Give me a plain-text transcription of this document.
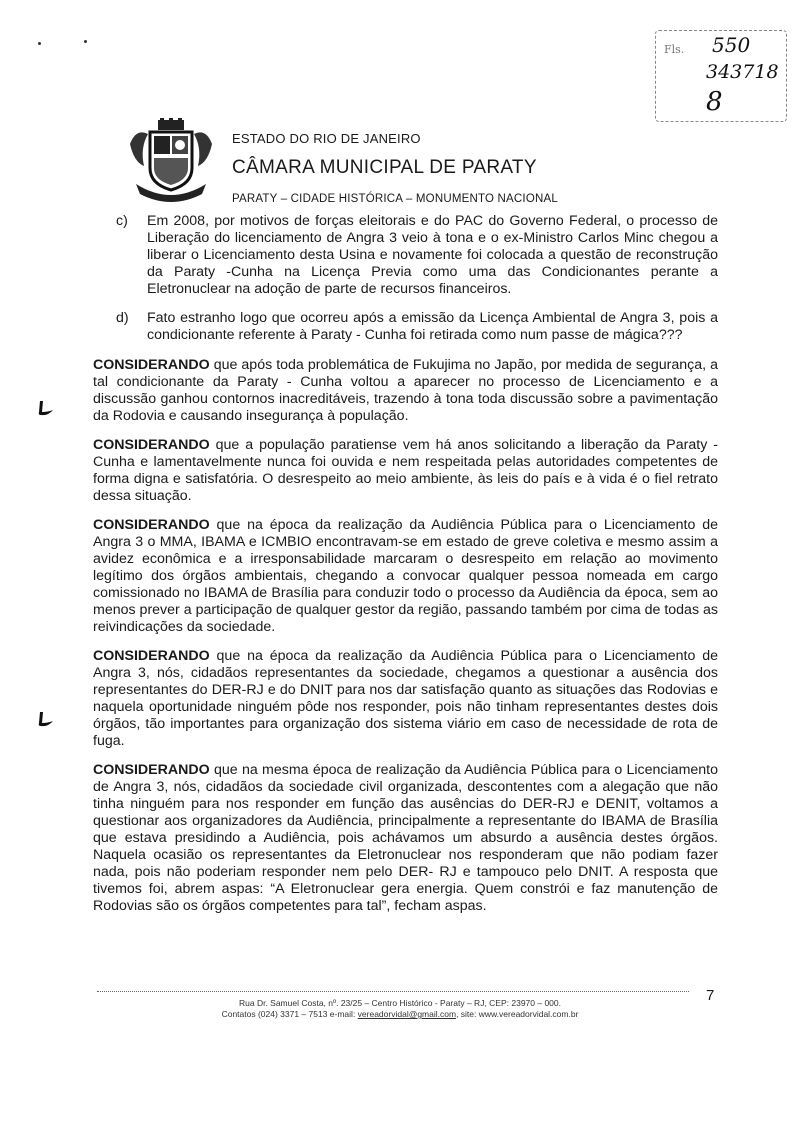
Fls. 550
343718
8
ESTADO DO RIO DE JANEIRO
CÂMARA MUNICIPAL DE PARATY
PARATY – CIDADE HISTÓRICA – MONUMENTO NACIONAL
c) Em 2008, por motivos de forças eleitorais e do PAC do Governo Federal, o processo de Liberação do licenciamento de Angra 3 veio à tona e o ex-Ministro Carlos Minc chegou a liberar o Licenciamento desta Usina e novamente foi colocada a questão de reconstrução da Paraty -Cunha na Licença Previa como uma das Condicionantes perante a Eletronuclear na adoção de parte de recursos financeiros.
d) Fato estranho logo que ocorreu após a emissão da Licença Ambiental de Angra 3, pois a condicionante referente à Paraty - Cunha foi retirada como num passe de mágica???

CONSIDERANDO que após toda problemática de Fukujima no Japão, por medida de segurança, a tal condicionante da Paraty - Cunha voltou a aparecer no processo de Licenciamento e a discussão ganhou contornos inacreditáveis, trazendo à tona toda discussão sobre a pavimentação da Rodovia e causando insegurança à população.

CONSIDERANDO que a população paratiense vem há anos solicitando a liberação da Paraty - Cunha e lamentavelmente nunca foi ouvida e nem respeitada pelas autoridades competentes de forma digna e satisfatória. O desrespeito ao meio ambiente, às leis do país e à vida é o fiel retrato dessa situação.

CONSIDERANDO que na época da realização da Audiência Pública para o Licenciamento de Angra 3 o MMA, IBAMA e ICMBIO encontravam-se em estado de greve coletiva e mesmo assim a avidez econômica e a irresponsabilidade marcaram o desrespeito em relação ao movimento legítimo dos órgãos ambientais, chegando a convocar qualquer pessoa nomeada em cargo comissionado no IBAMA de Brasília para conduzir todo o processo da Audiência da época, sem ao menos prever a participação de qualquer gestor da região, passando também por cima de todas as reivindicações da sociedade.

CONSIDERANDO que na época da realização da Audiência Pública para o Licenciamento de Angra 3, nós, cidadãos representantes da sociedade, chegamos a questionar a ausência dos representantes do DER-RJ e do DNIT para nos dar satisfação quanto as situações das Rodovias e naquela oportunidade ninguém pôde nos responder, pois não tinham representantes destes dois órgãos, tão importantes para organização dos sistema viário em caso de necessidade de rota de fuga.

CONSIDERANDO que na mesma época de realização da Audiência Pública para o Licenciamento de Angra 3, nós, cidadãos da sociedade civil organizada, descontentes com a alegação que não tinha ninguém para nos responder em função das ausências do DER-RJ e DENIT, voltamos a questionar aos organizadores da Audiência, principalmente a representante do IBAMA de Brasília que estava presidindo a Audiência, pois achávamos um absurdo a ausência destes órgãos. Naquela ocasião os representantes da Eletronuclear nos responderam que não podiam fazer nada, pois não poderiam responder nem pelo DER- RJ e tampouco pelo DNIT. A resposta que tivemos foi, abrem aspas: “A Eletronuclear gera energia. Quem constrói e faz manutenção de Rodovias são os órgãos competentes para tal”, fecham aspas.

7
Rua Dr. Samuel Costa, nº. 23/25 – Centro Histórico - Paraty – RJ, CEP: 23970 – 000.
Contatos (024) 3371 – 7513 e-mail: vereadorvidal@gmail.com, site: www.vereadorvidal.com.br
